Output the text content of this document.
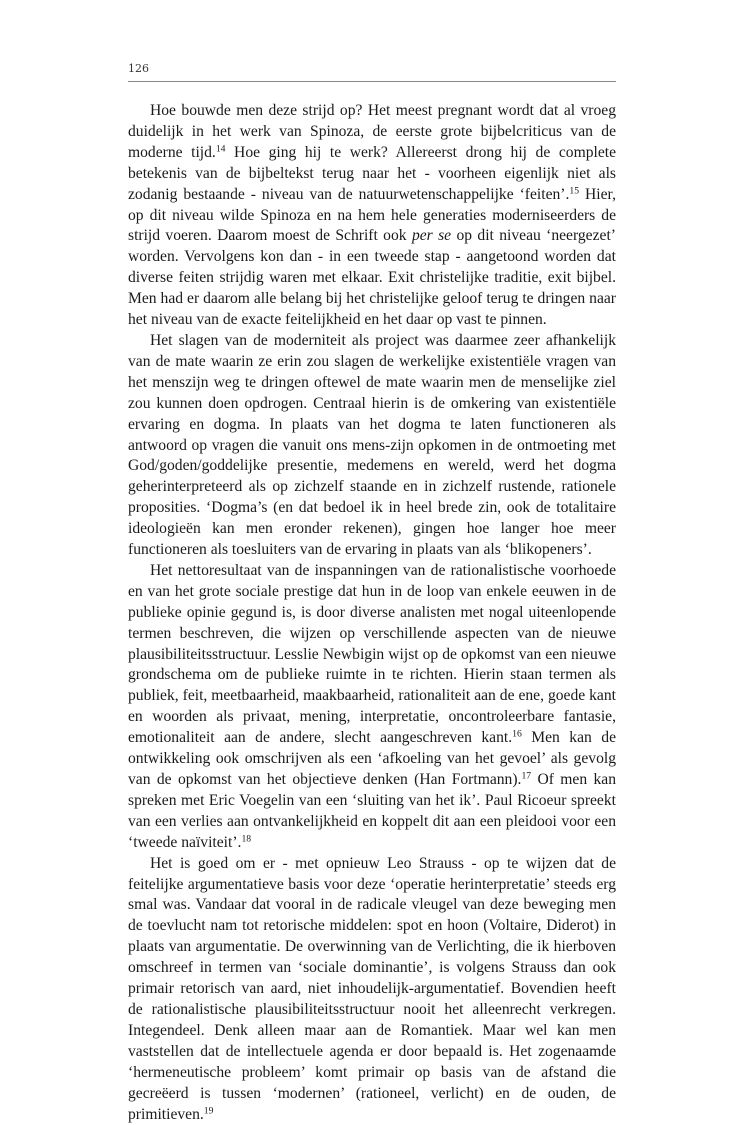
126

Hoe bouwde men deze strijd op? Het meest pregnant wordt dat al vroeg duidelijk in het werk van Spinoza, de eerste grote bijbelcriticus van de moderne tijd.$^{14}$ Hoe ging hij te werk? Allereerst drong hij de complete betekenis van de bijbeltekst terug naar het - voorheen eigenlijk niet als zodanig bestaande - niveau van de natuurwetenschappelijke ‘feiten’.$^{15}$ Hier, op dit niveau wilde Spinoza en na hem hele generaties moderniseerders de strijd voeren. Daarom moest de Schrift ook per se op dit niveau ‘neergezet’ worden. Vervolgens kon dan - in een tweede stap - aangetoond worden dat diverse feiten strijdig waren met elkaar. Exit christelijke traditie, exit bijbel. Men had er daarom alle belang bij het christelijke geloof terug te dringen naar het niveau van de exacte feitelijkheid en het daar op vast te pinnen.

Het slagen van de moderniteit als project was daarmee zeer afhankelijk van de mate waarin ze erin zou slagen de werkelijke existentiële vragen van het menszijn weg te dringen oftewel de mate waarin men de menselijke ziel zou kunnen doen opdrogen. Centraal hierin is de omkering van existentiële ervaring en dogma. In plaats van het dogma te laten functioneren als antwoord op vragen die vanuit ons mens-zijn opkomen in de ontmoeting met God/goden/goddelijke presentie, medemens en wereld, werd het dogma geherinterpreteerd als op zichzelf staande en in zichzelf rustende, rationele proposities. ‘Dogma’s (en dat bedoel ik in heel brede zin, ook de totalitaire ideologieën kan men eronder rekenen), gingen hoe langer hoe meer functioneren als toesluiters van de ervaring in plaats van als ‘blikopeners’.

Het nettoresultaat van de inspanningen van de rationalistische voorhoede en van het grote sociale prestige dat hun in de loop van enkele eeuwen in de publieke opinie gegund is, is door diverse analisten met nogal uiteenlopende termen beschreven, die wijzen op verschillende aspecten van de nieuwe plausibiliteitsstructuur. Lesslie Newbigin wijst op de opkomst van een nieuwe grondschema om de publieke ruimte in te richten. Hierin staan termen als publiek, feit, meetbaarheid, maakbaarheid, rationaliteit aan de ene, goede kant en woorden als privaat, mening, interpretatie, oncontroleerbare fantasie, emotionaliteit aan de andere, slecht aangeschreven kant.$^{16}$ Men kan de ontwikkeling ook omschrijven als een ‘afkoeling van het gevoel’ als gevolg van de opkomst van het objectieve denken (Han Fortmann).$^{17}$ Of men kan spreken met Eric Voegelin van een ‘sluiting van het ik’. Paul Ricoeur spreekt van een verlies aan ontvankelijkheid en koppelt dit aan een pleidooi voor een ‘tweede naïviteit’.$^{18}$

Het is goed om er - met opnieuw Leo Strauss - op te wijzen dat de feitelijke argumentatieve basis voor deze ‘operatie herinterpretatie’ steeds erg smal was. Vandaar dat vooral in de radicale vleugel van deze beweging men de toevlucht nam tot retorische middelen: spot en hoon (Voltaire, Diderot) in plaats van argumentatie. De overwinning van de Verlichting, die ik hierboven omschreef in termen van ‘sociale dominantie’, is volgens Strauss dan ook primair retorisch van aard, niet inhoudelijk-argumentatief. Bovendien heeft de rationalistische plausibiliteitsstructuur nooit het alleenrecht verkregen. Integendeel. Denk alleen maar aan de Romantiek. Maar wel kan men vaststellen dat de intellectuele agenda er door bepaald is. Het zogenaamde ‘hermeneutische probleem’ komt primair op basis van de afstand die gecreëerd is tussen ‘modernen’ (rationeel, verlicht) en de ouden, de primitieven.$^{19}$
